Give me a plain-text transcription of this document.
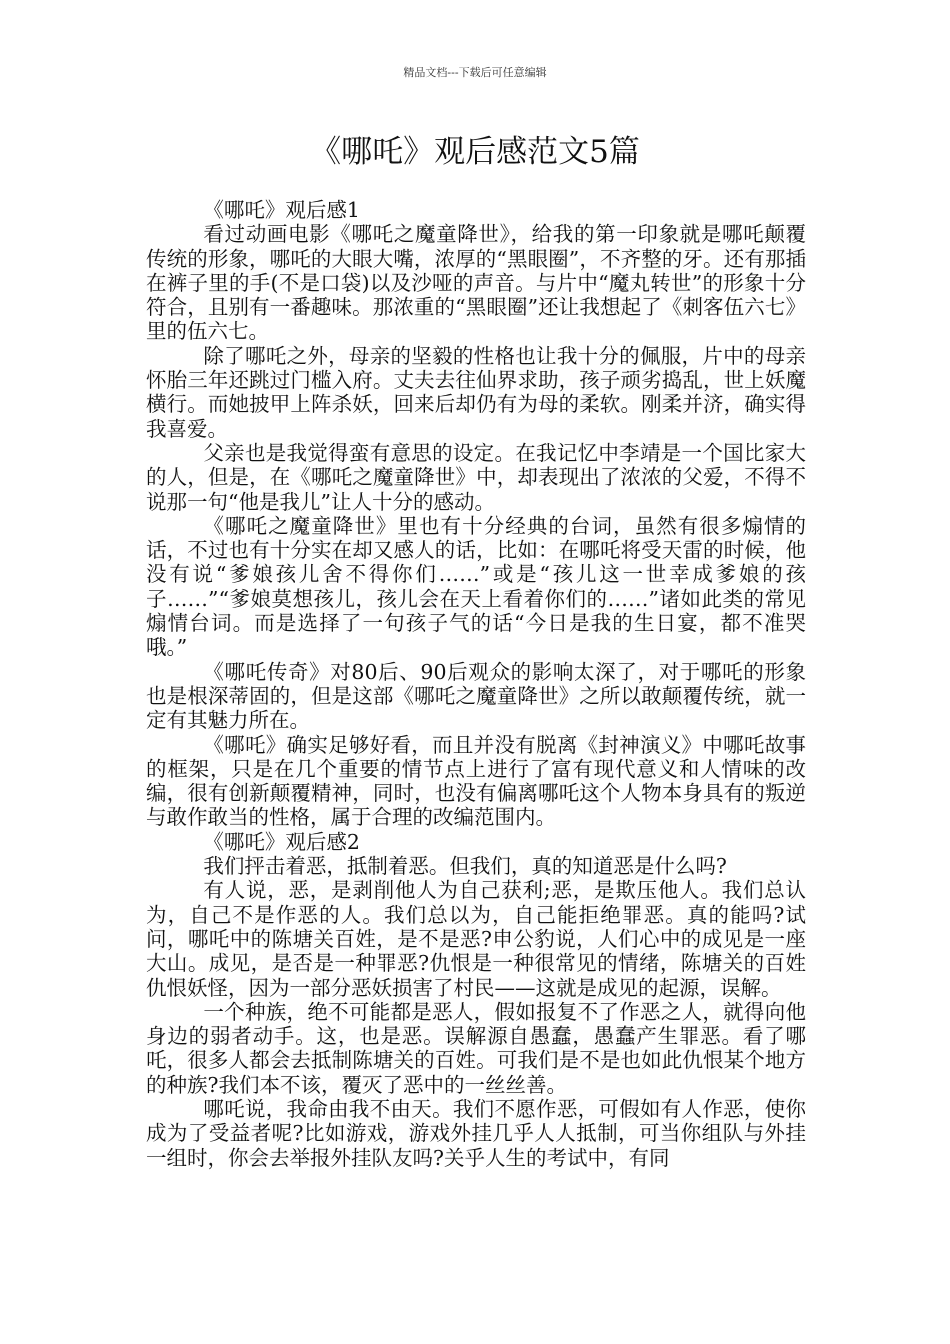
精品文档---下载后可任意编辑
《哪吒》观后感范文5篇

《哪吒》观后感1

看过动画电影《哪吒之魔童降世》，给我的第一印象就是哪吒颠覆传统的形象，哪吒的大眼大嘴，浓厚的“黑眼圈”，不齐整的牙。还有那插在裤子里的手(不是口袋)以及沙哑的声音。与片中“魔丸转世”的形象十分符合，且别有一番趣味。那浓重的“黑眼圈”还让我想起了《刺客伍六七》里的伍六七。

除了哪吒之外，母亲的坚毅的性格也让我十分的佩服，片中的母亲怀胎三年还跳过门槛入府。丈夫去往仙界求助，孩子顽劣捣乱，世上妖魔横行。而她披甲上阵杀妖，回来后却仍有为母的柔软。刚柔并济，确实得我喜爱。

父亲也是我觉得蛮有意思的设定。在我记忆中李靖是一个国比家大的人，但是，在《哪吒之魔童降世》中，却表现出了浓浓的父爱，不得不说那一句“他是我儿”让人十分的感动。

《哪吒之魔童降世》里也有十分经典的台词，虽然有很多煽情的话，不过也有十分实在却又感人的话，比如：在哪吒将受天雷的时候，他没有说“爹娘孩儿舍不得你们……”或是“孩儿这一世幸成爹娘的孩子……”“爹娘莫想孩儿，孩儿会在天上看着你们的……”诸如此类的常见煽情台词。而是选择了一句孩子气的话“今日是我的生日宴，都不准哭哦。”

《哪吒传奇》对80后、90后观众的影响太深了，对于哪吒的形象也是根深蒂固的，但是这部《哪吒之魔童降世》之所以敢颠覆传统，就一定有其魅力所在。

《哪吒》确实足够好看，而且并没有脱离《封神演义》中哪吒故事的框架，只是在几个重要的情节点上进行了富有现代意义和人情味的改编，很有创新颠覆精神，同时，也没有偏离哪吒这个人物本身具有的叛逆与敢作敢当的性格，属于合理的改编范围内。

《哪吒》观后感2

我们抨击着恶，抵制着恶。但我们，真的知道恶是什么吗?

有人说，恶，是剥削他人为自己获利;恶，是欺压他人。我们总认为，自己不是作恶的人。我们总以为，自己能拒绝罪恶。真的能吗?试问，哪吒中的陈塘关百姓，是不是恶?申公豹说，人们心中的成见是一座大山。成见，是否是一种罪恶?仇恨是一种很常见的情绪，陈塘关的百姓仇恨妖怪，因为一部分恶妖损害了村民——这就是成见的起源，误解。

一个种族，绝不可能都是恶人，假如报复不了作恶之人，就得向他身边的弱者动手。这，也是恶。误解源自愚蠢，愚蠢产生罪恶。看了哪吒，很多人都会去抵制陈塘关的百姓。可我们是不是也如此仇恨某个地方的种族?我们本不该，覆灭了恶中的一丝丝善。

哪吒说，我命由我不由天。我们不愿作恶，可假如有人作恶，使你成为了受益者呢?比如游戏，游戏外挂几乎人人抵制，可当你组队与外挂一组时，你会去举报外挂队友吗?关乎人生的考试中，有同
